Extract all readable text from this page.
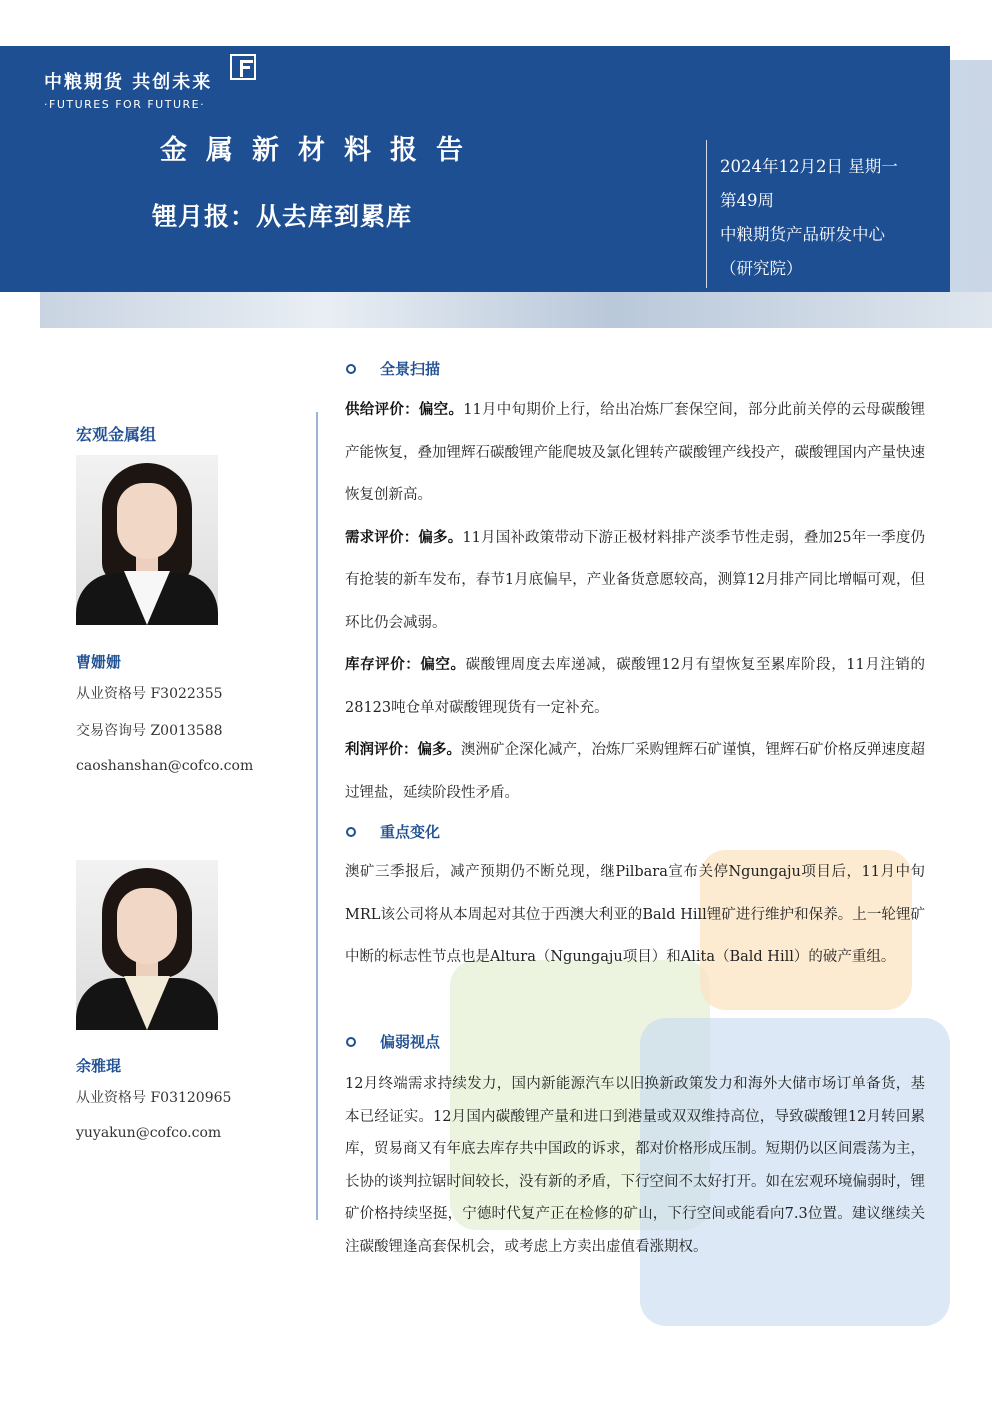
中粮期货 共创未来
·FUTURES FOR FUTURE·
金属新材料报告
锂月报：从去库到累库
2024年12月2日 星期一
第49周
中粮期货产品研发中心
（研究院）
宏观金属组
曹姗姗
从业资格号 F3022355
交易咨询号 Z0013588
caoshanshan@cofco.com
余雅琨
从业资格号 F03120965
yuyakun@cofco.com
全景扫描
供给评价：偏空。11月中旬期价上行，给出冶炼厂套保空间，部分此前关停的云母碳酸锂产能恢复，叠加锂辉石碳酸锂产能爬坡及氯化锂转产碳酸锂产线投产，碳酸锂国内产量快速恢复创新高。
需求评价：偏多。11月国补政策带动下游正极材料排产淡季节性走弱，叠加25年一季度仍有抢装的新车发布，春节1月底偏早，产业备货意愿较高，测算12月排产同比增幅可观，但环比仍会减弱。
库存评价：偏空。碳酸锂周度去库递减，碳酸锂12月有望恢复至累库阶段，11月注销的28123吨仓单对碳酸锂现货有一定补充。
利润评价：偏多。澳洲矿企深化减产，冶炼厂采购锂辉石矿谨慎，锂辉石矿价格反弹速度超过锂盐，延续阶段性矛盾。
重点变化
澳矿三季报后，减产预期仍不断兑现，继Pilbara宣布关停Ngungaju项目后，11月中旬MRL该公司将从本周起对其位于西澳大利亚的Bald Hill锂矿进行维护和保养。上一轮锂矿中断的标志性节点也是Altura（Ngungaju项目）和Alita（Bald Hill）的破产重组。
偏弱视点
12月终端需求持续发力，国内新能源汽车以旧换新政策发力和海外大储市场订单备货，基本已经证实。12月国内碳酸锂产量和进口到港量或双双维持高位，导致碳酸锂12月转回累库，贸易商又有年底去库存共中国政的诉求，都对价格形成压制。短期仍以区间震荡为主，长协的谈判拉锯时间较长，没有新的矛盾，下行空间不太好打开。如在宏观环境偏弱时，锂矿价格持续坚挺，宁德时代复产正在检修的矿山，下行空间或能看向7.3位置。建议继续关注碳酸锂逢高套保机会，或考虑上方卖出虚值看涨期权。
